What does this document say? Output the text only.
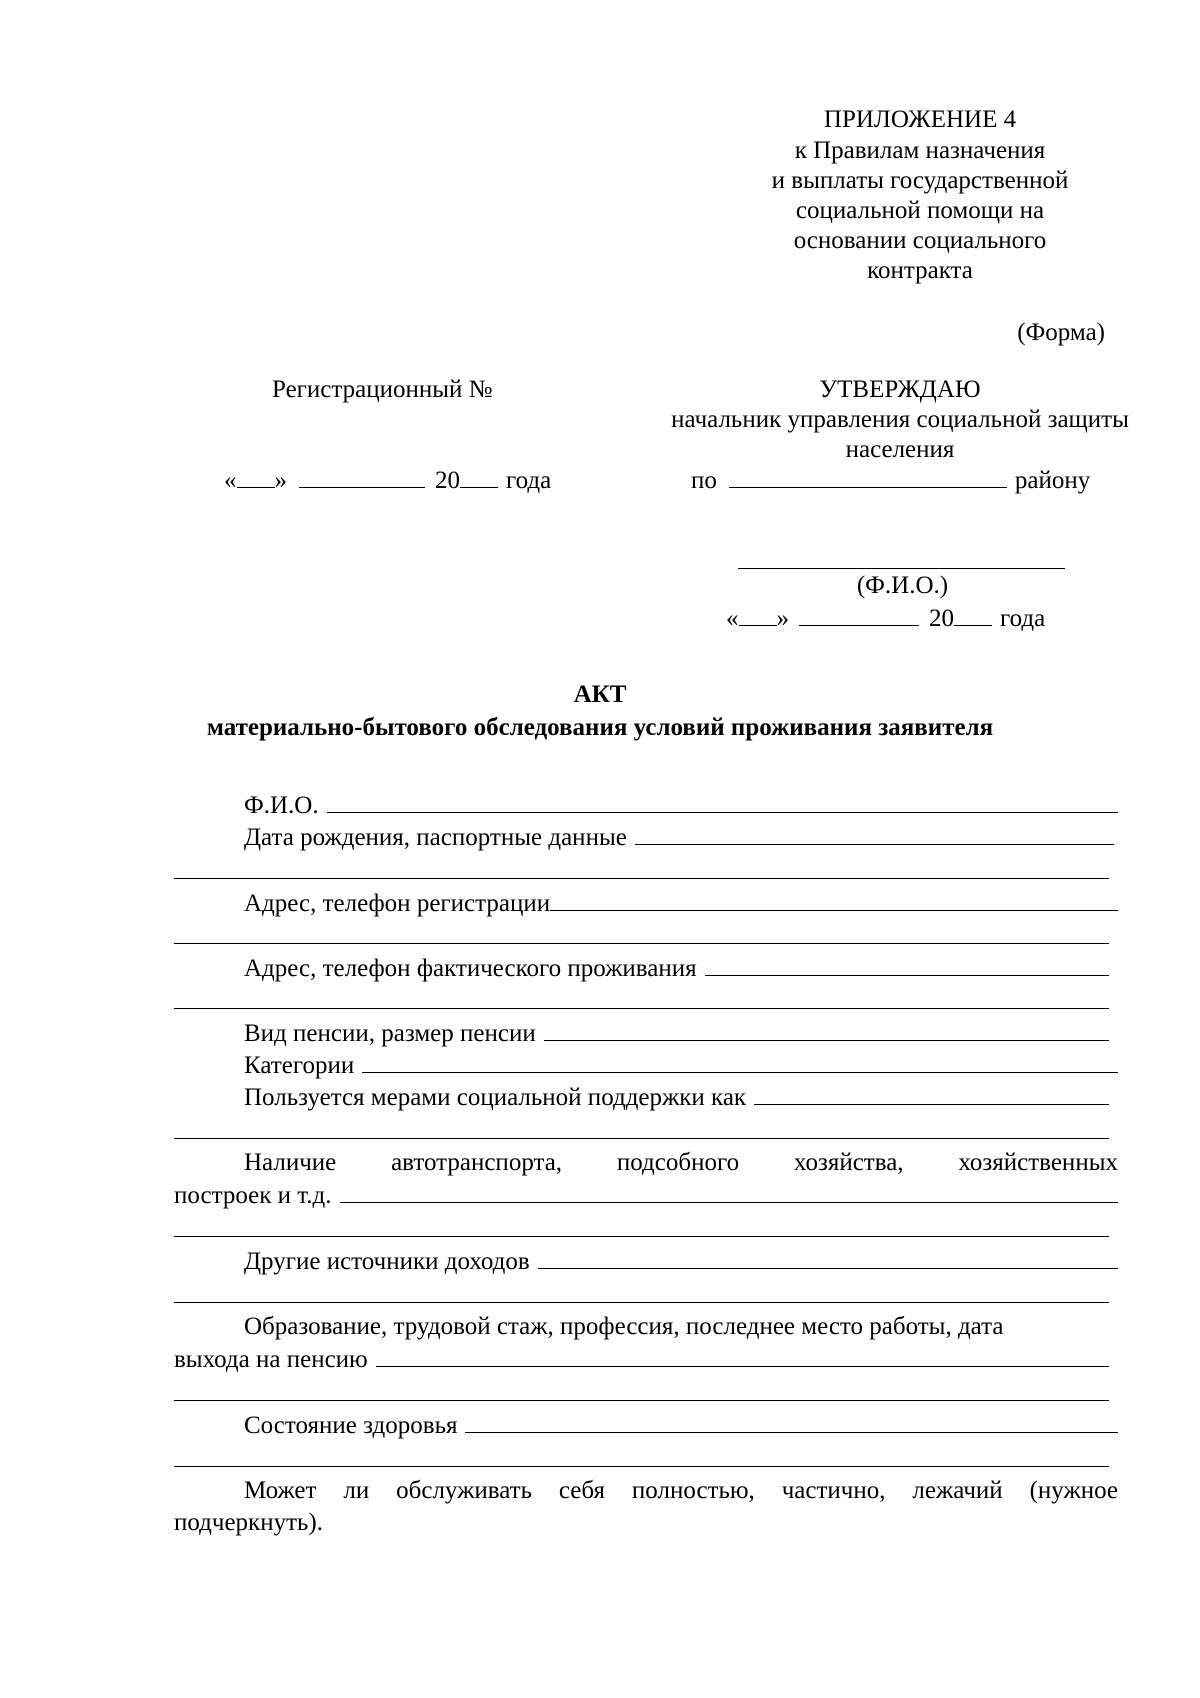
ПРИЛОЖЕНИЕ 4
к Правилам назначения
и выплаты государственной
социальной помощи на
основании социального
контракта
(Форма)
Регистрационный №
« »	20 года
УТВЕРЖДАЮ
начальник управления социальной защиты
населения
по	району
(Ф.И.О.)
« »	20 года
АКТ
материально-бытового обследования условий проживания заявителя
Ф.И.О.
Дата рождения, паспортные данные
Адрес, телефон регистрации
Адрес, телефон фактического проживания
Вид пенсии, размер пенсии
Категории
Пользуется мерами социальной поддержки как
Наличие автотранспорта, подсобного хозяйства, хозяйственных
построек и т.д.
Другие источники доходов
Образование, трудовой стаж, профессия, последнее место работы, дата
выхода на пенсию
Состояние здоровья
Может ли обслуживать себя полностью, частично, лежачий (нужное
подчеркнуть).
